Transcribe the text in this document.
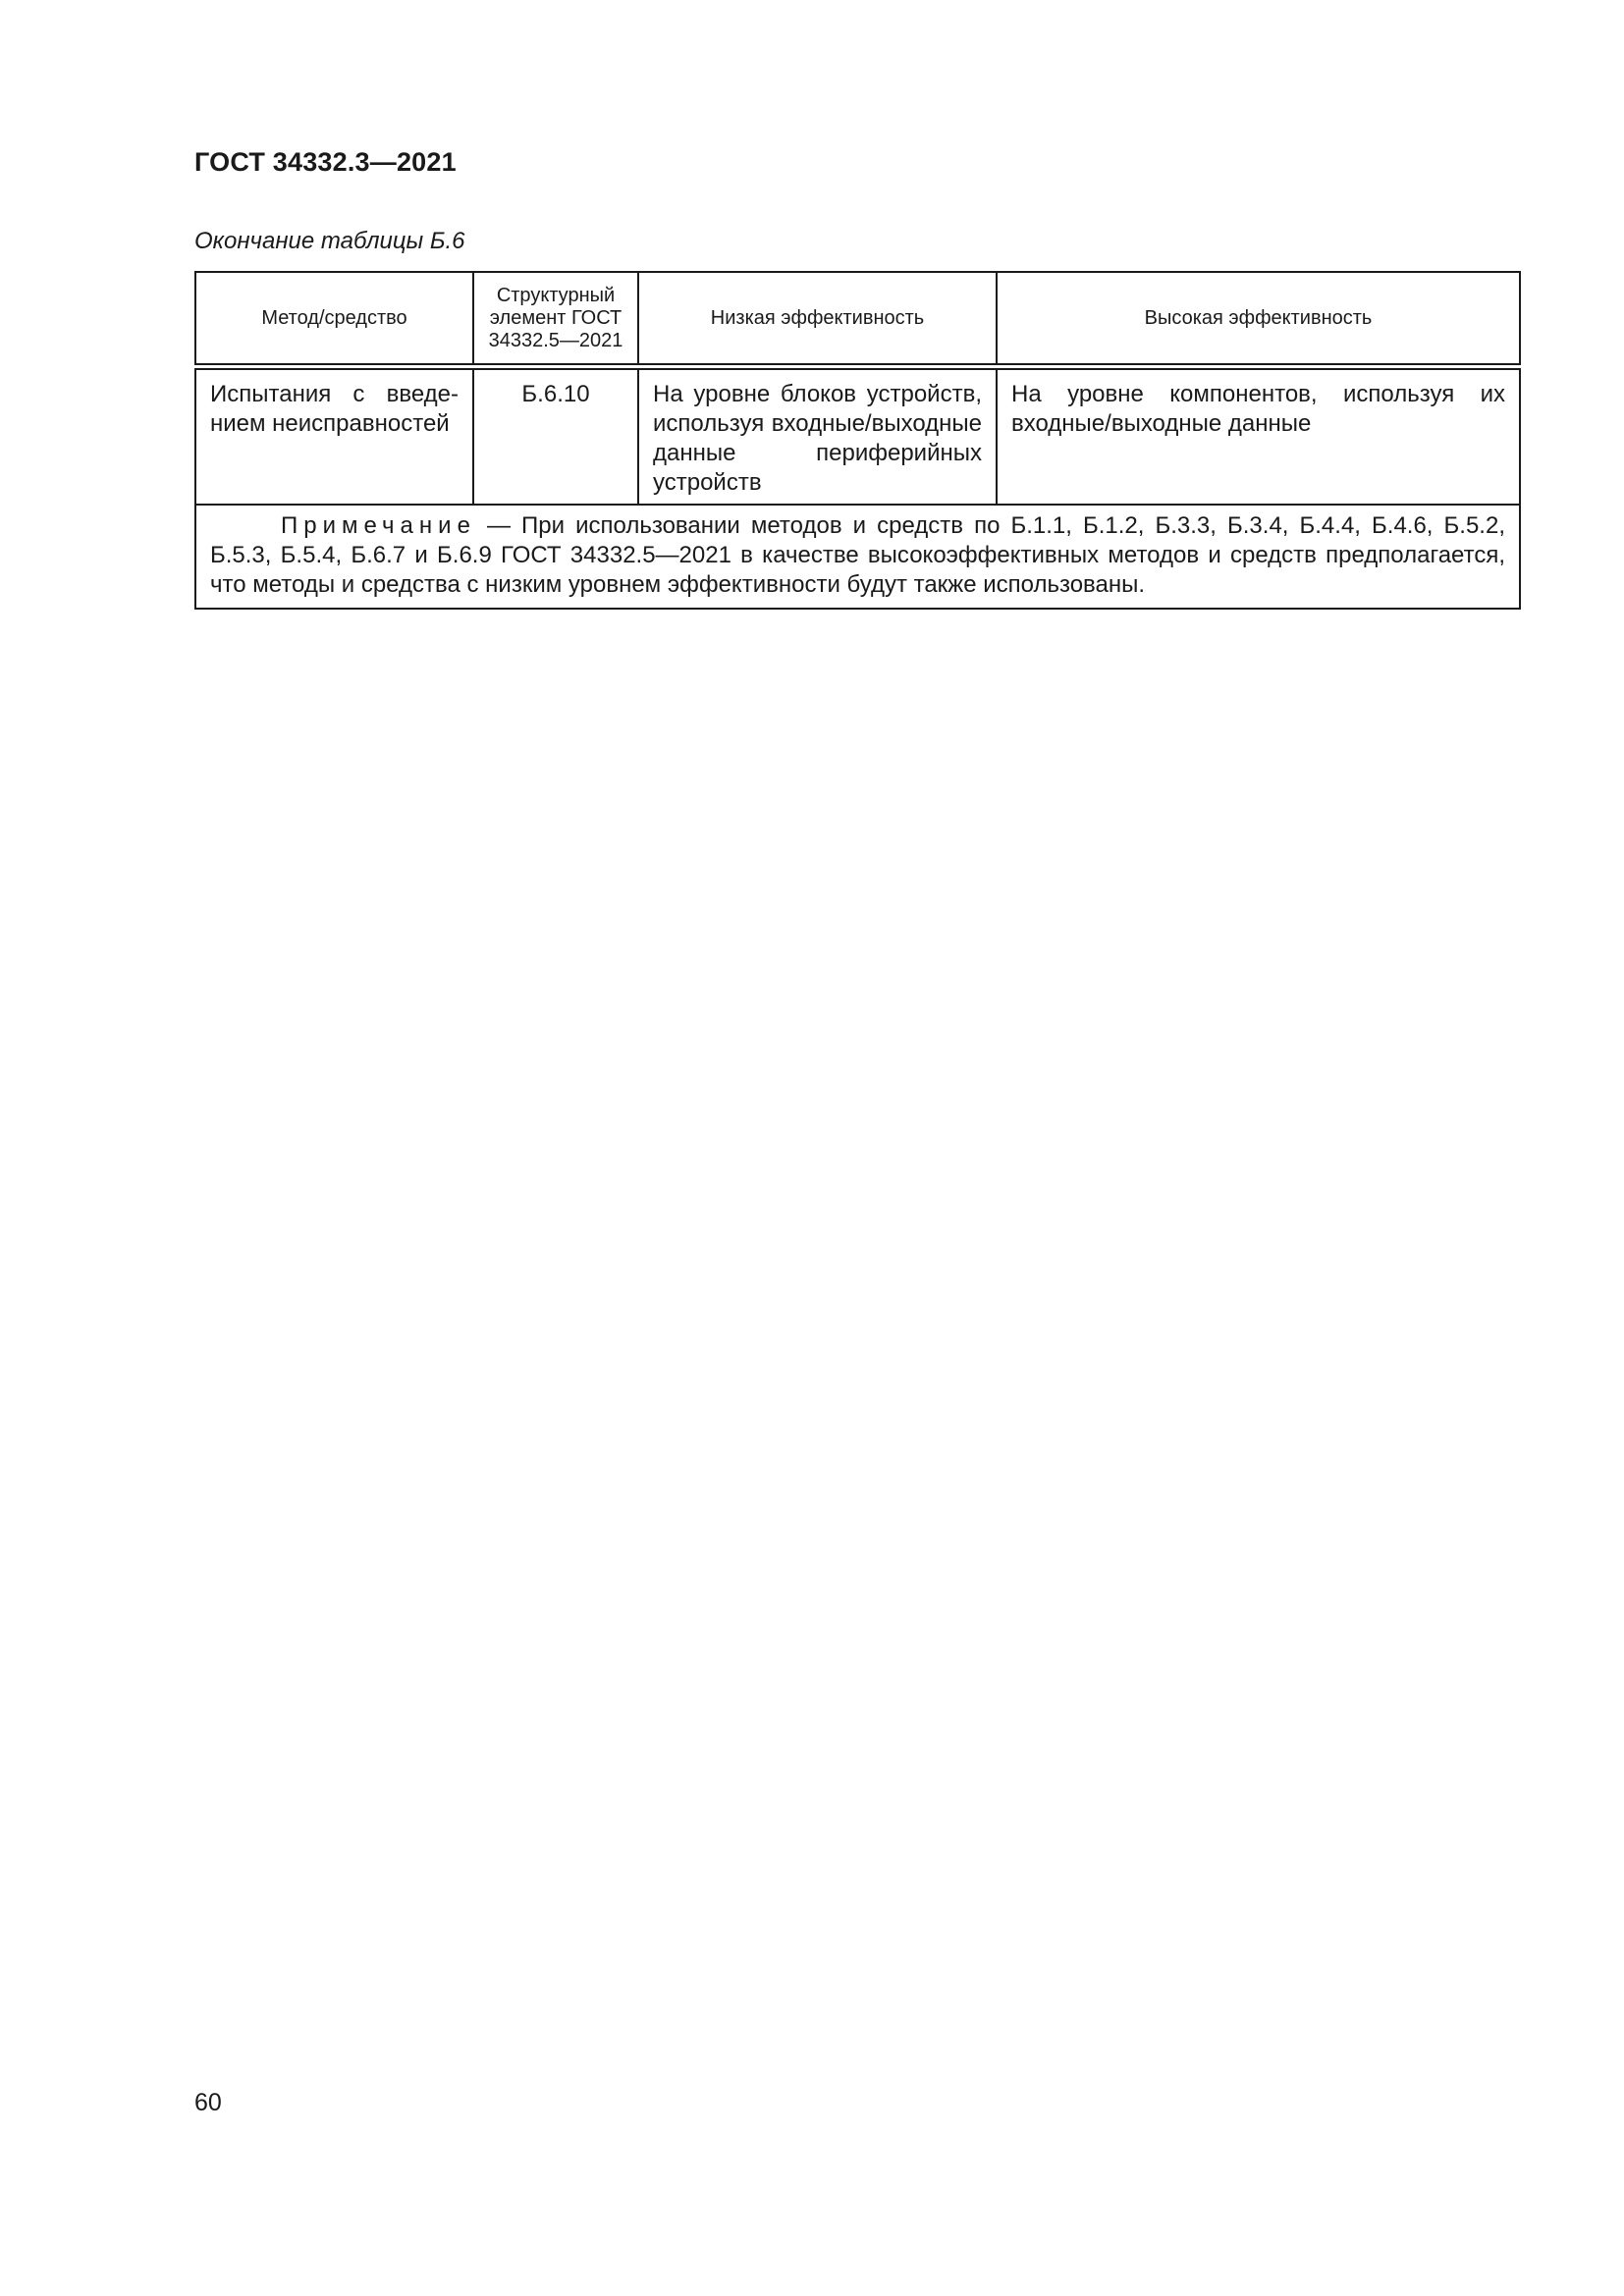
ГОСТ 34332.3—2021
Окончание таблицы Б.6
Метод/средство	Структурный элемент ГОСТ 34332.5—2021	Низкая эффективность	Высокая эффективность
Испытания с введением неисправностей	Б.6.10	На уровне блоков устройств, используя входные/выходные данные периферийных устройств	На уровне компонентов, используя их входные/выходные данные
Примечание — При использовании методов и средств по Б.1.1, Б.1.2, Б.3.3, Б.3.4, Б.4.4, Б.4.6, Б.5.2, Б.5.3, Б.5.4, Б.6.7 и Б.6.9 ГОСТ 34332.5—2021 в качестве высокоэффективных методов и средств предполагается, что методы и средства с низким уровнем эффективности будут также использованы.			
60
